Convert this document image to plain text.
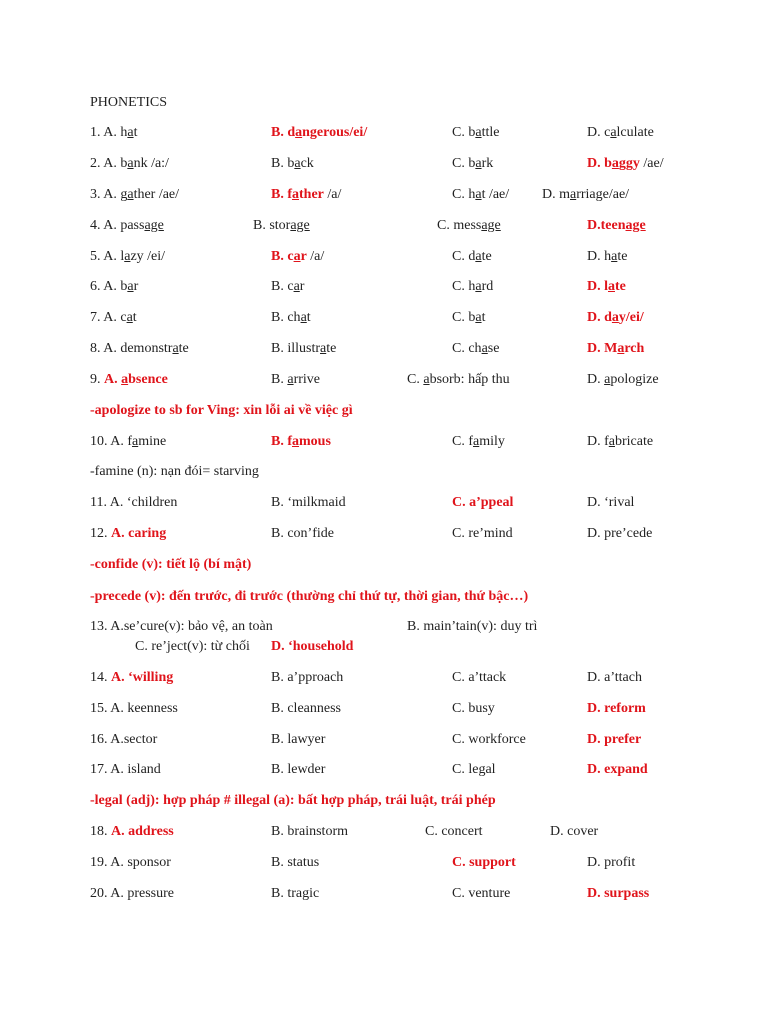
PHONETICS
1. A. hat	B. dangerous/ei/	C. battle	D. calculate
2. A. bank /a:/	B. back	C. bark	D. baggy /ae/
3. A. gather /ae/	B. father /a/	C. hat /ae/ D. marriage/ae/
4. A. passage	B. storage	C. message	D.teenage
5. A. lazy /ei/	B. car /a/	C. date	D. hate
6. A. bar	B. car	C. hard	D. late
7. A. cat	B. chat	C. bat	D. day/ei/
8. A. demonstrate	B. illustrate	C. chase	D. March
9. A. absence	B. arrive	C. absorb: hấp thu	D. apologize
10. A. famine	B. famous	C. family	D. fabricate
11. A. ‘children	B. ‘milkmaid	C. a’ppeal	D. ‘rival
12. A. caring	B. con’fide	C. re’mind	D. pre’cede
14. A. ‘willing	B. a’pproach	C. a’ttack	D. a’ttach
15. A. keenness	B. cleanness	C. busy	D. reform
16. A.sector	B. lawyer	C. workforce	D. prefer
17. A. island	B. lewder	C. legal	D. expand
18. A. address	B. brainstorm	C. concert	D. cover
19. A. sponsor	B. status	C. support	D. profit
20. A. pressure	B. tragic	C. venture	D. surpass
-apologize to sb for Ving: xin lỗi ai về việc gì
-famine (n): nạn đói= starving
-confide (v): tiết lộ (bí mật)
-precede (v): đến trước, đi trước (thường chỉ thứ tự, thời gian, thứ bậc…)
13. A.se’cure(v): bảo vệ, an toàn	B. main’tain(v): duy trì
C. re’ject(v): từ chối D. ‘household
-legal (adj): hợp pháp # illegal (a): bất hợp pháp, trái luật, trái phép
